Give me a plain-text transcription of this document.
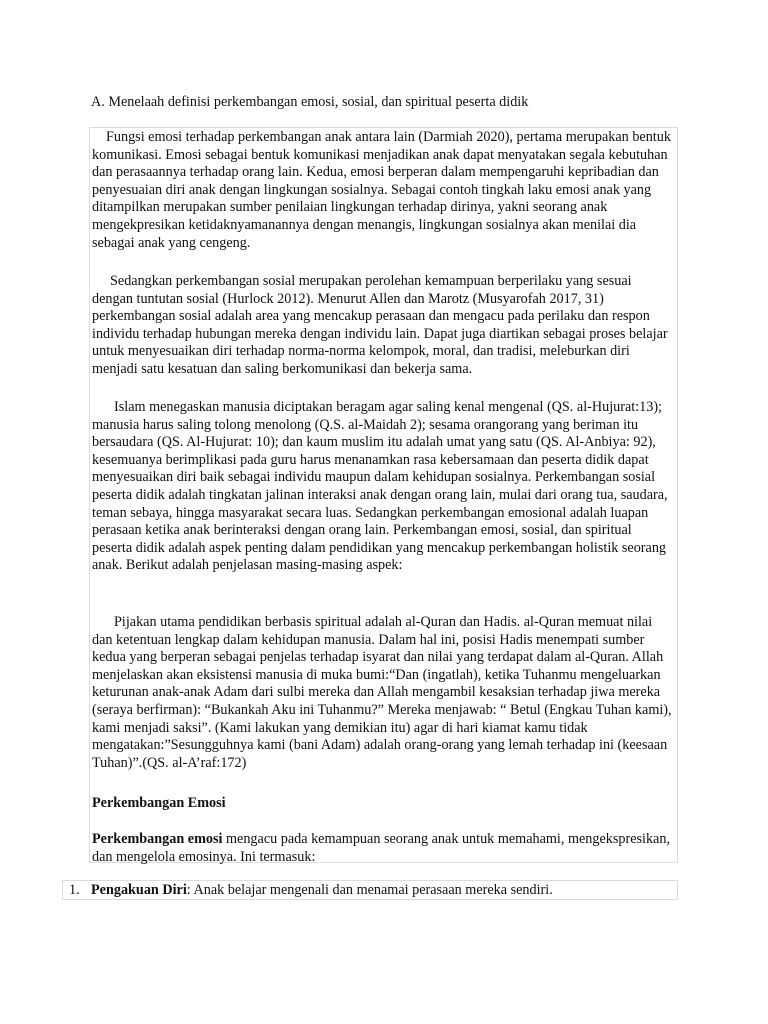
A. Menelaah definisi perkembangan emosi, sosial, dan spiritual peserta didik

Fungsi emosi terhadap perkembangan anak antara lain (Darmiah 2020), pertama merupakan bentuk komunikasi. Emosi sebagai bentuk komunikasi menjadikan anak dapat menyatakan segala kebutuhan dan perasaannya terhadap orang lain. Kedua, emosi berperan dalam mempengaruhi kepribadian dan penyesuaian diri anak dengan lingkungan sosialnya. Sebagai contoh tingkah laku emosi anak yang ditampilkan merupakan sumber penilaian lingkungan terhadap dirinya, yakni seorang anak mengekpresikan ketidaknyamanannya dengan menangis, lingkungan sosialnya akan menilai dia sebagai anak yang cengeng.

Sedangkan perkembangan sosial merupakan perolehan kemampuan berperilaku yang sesuai dengan tuntutan sosial (Hurlock 2012). Menurut Allen dan Marotz (Musyarofah 2017, 31) perkembangan sosial adalah area yang mencakup perasaan dan mengacu pada perilaku dan respon individu terhadap hubungan mereka dengan individu lain. Dapat juga diartikan sebagai proses belajar untuk menyesuaikan diri terhadap norma-norma kelompok, moral, dan tradisi, meleburkan diri menjadi satu kesatuan dan saling berkomunikasi dan bekerja sama.

Islam menegaskan manusia diciptakan beragam agar saling kenal mengenal (QS. al-Hujurat:13); manusia harus saling tolong menolong (Q.S. al-Maidah 2); sesama orangorang yang beriman itu bersaudara (QS. Al-Hujurat: 10); dan kaum muslim itu adalah umat yang satu (QS. Al-Anbiya: 92), kesemuanya berimplikasi pada guru harus menanamkan rasa kebersamaan dan peserta didik dapat menyesuaikan diri baik sebagai individu maupun dalam kehidupan sosialnya. Perkembangan sosial peserta didik adalah tingkatan jalinan interaksi anak dengan orang lain, mulai dari orang tua, saudara, teman sebaya, hingga masyarakat secara luas. Sedangkan perkembangan emosional adalah luapan perasaan ketika anak berinteraksi dengan orang lain. Perkembangan emosi, sosial, dan spiritual peserta didik adalah aspek penting dalam pendidikan yang mencakup perkembangan holistik seorang anak. Berikut adalah penjelasan masing-masing aspek:

Pijakan utama pendidikan berbasis spiritual adalah al-Quran dan Hadis. al-Quran memuat nilai dan ketentuan lengkap dalam kehidupan manusia. Dalam hal ini, posisi Hadis menempati sumber kedua yang berperan sebagai penjelas terhadap isyarat dan nilai yang terdapat dalam al-Quran. Allah menjelaskan akan eksistensi manusia di muka bumi:“Dan (ingatlah), ketika Tuhanmu mengeluarkan keturunan anak-anak Adam dari sulbi mereka dan Allah mengambil kesaksian terhadap jiwa mereka (seraya berfirman): “Bukankah Aku ini Tuhanmu?” Mereka menjawab: “ Betul (Engkau Tuhan kami), kami menjadi saksi”. (Kami lakukan yang demikian itu) agar di hari kiamat kamu tidak mengatakan:”Sesungguhnya kami (bani Adam) adalah orang-orang yang lemah terhadap ini (keesaan Tuhan)”.(QS. al-A’raf:172)

Perkembangan Emosi

Perkembangan emosi mengacu pada kemampuan seorang anak untuk memahami, mengekspresikan, dan mengelola emosinya. Ini termasuk:

1. Pengakuan Diri: Anak belajar mengenali dan menamai perasaan mereka sendiri.
